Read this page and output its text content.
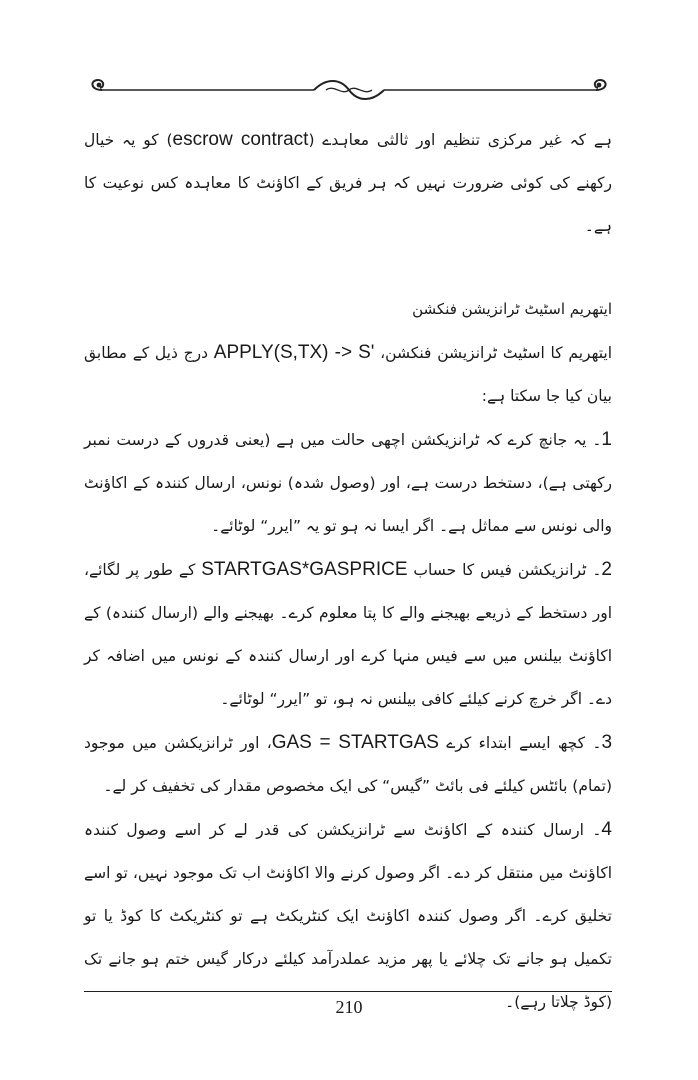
ہے کہ غیر مرکزی تنظیم اور ثالثی معاہدے (escrow contract) کو یہ خیال رکھنے کی کوئی ضرورت نہیں کہ ہر فریق کے اکاؤنٹ کا معاہدہ کس نوعیت کا ہے۔

ایتھریم اسٹیٹ ٹرانزیشن فنکشن

ایتھریم کا اسٹیٹ ٹرانزیشن فنکشن، APPLY(S,TX) -> S' درج ذیل کے مطابق بیان کیا جا سکتا ہے:

1۔ یہ جانچ کرے کہ ٹرانزیکشن اچھی حالت میں ہے (یعنی قدروں کے درست نمبر رکھتی ہے)، دستخط درست ہے، اور (وصول شدہ) نونس، ارسال کنندہ کے اکاؤنٹ والی نونس سے مماثل ہے۔ اگر ایسا نہ ہو تو یہ ”ایرر“ لوٹائے۔

2۔ ٹرانزیکشن فیس کا حساب STARTGAS*GASPRICE کے طور پر لگائے، اور دستخط کے ذریعے بھیجنے والے کا پتا معلوم کرے۔ بھیجنے والے (ارسال کنندہ) کے اکاؤنٹ بیلنس میں سے فیس منہا کرے اور ارسال کنندہ کے نونس میں اضافہ کر دے۔ اگر خرچ کرنے کیلئے کافی بیلنس نہ ہو، تو ”ایرر“ لوٹائے۔

3۔ کچھ ایسے ابتداء کرے GAS = STARTGAS، اور ٹرانزیکشن میں موجود (تمام) بائٹس کیلئے فی بائٹ ”گیس“ کی ایک مخصوص مقدار کی تخفیف کر لے۔

4۔ ارسال کنندہ کے اکاؤنٹ سے ٹرانزیکشن کی قدر لے کر اسے وصول کنندہ اکاؤنٹ میں منتقل کر دے۔ اگر وصول کرنے والا اکاؤنٹ اب تک موجود نہیں، تو اسے تخلیق کرے۔ اگر وصول کنندہ اکاؤنٹ ایک کنٹریکٹ ہے تو کنٹریکٹ کا کوڈ یا تو تکمیل ہو جانے تک چلائے یا پھر مزید عملدرآمد کیلئے درکار گیس ختم ہو جانے تک (کوڈ چلاتا رہے)۔

210
